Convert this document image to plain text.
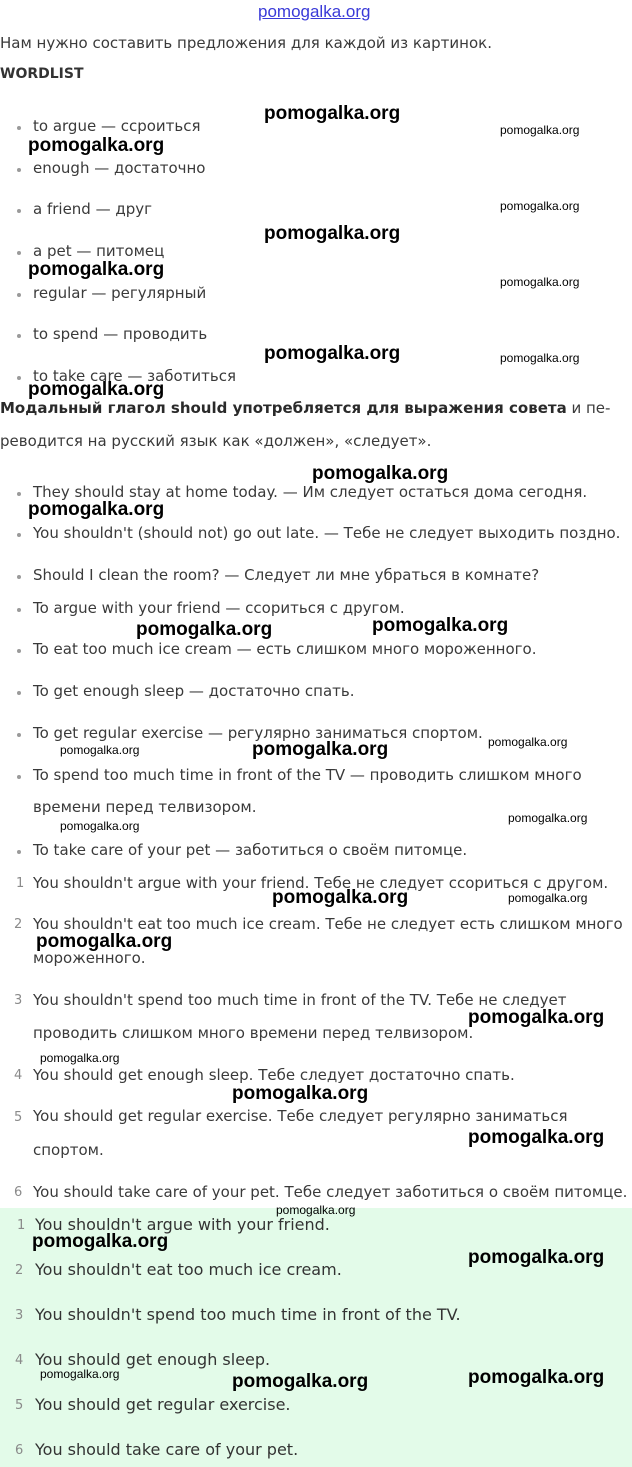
pomogalka.org
Нам нужно составить предложения для каждой из картинок.
WORDLIST
to argue — ссроиться
enough — достаточно
a friend — друг
a pet — питомец
regular — регулярный
to spend — проводить
to take care — заботиться
Модальный глагол should употребляется для выражения совета и пе-
реводится на русский язык как «должен», «следует».
They should stay at home today. — Им следует остаться дома сегодня.
You shouldn't (should not) go out late. — Тебе не следует выходить поздно.
Should I clean the room? — Следует ли мне убраться в комнате?
To argue with your friend — ссориться с другом.
To eat too much ice cream — есть слишком много мороженного.
To get enough sleep — достаточно спать.
To get regular exercise — регулярно заниматься спортом.
To spend too much time in front of the TV — проводить слишком много
времени перед телвизором.
To take care of your pet — заботиться о своём питомце.
1 You shouldn't argue with your friend. Тебе не следует ссориться с другом.
2 You shouldn't eat too much ice cream. Тебе не следует есть слишком много
мороженного.
3 You shouldn't spend too much time in front of the TV. Тебе не следует
проводить слишком много времени перед телвизором.
4 You should get enough sleep. Тебе следует достаточно спать.
5 You should get regular exercise. Тебе следует регулярно заниматься
спортом.
6 You should take care of your pet. Тебе следует заботиться о своём питомце.
1 You shouldn't argue with your friend.
2 You shouldn't eat too much ice cream.
3 You shouldn't spend too much time in front of the TV.
4 You should get enough sleep.
5 You should get regular exercise.
6 You should take care of your pet.
pomogalka.org
pomogalka.org
pomogalka.org
pomogalka.org
pomogalka.org
pomogalka.org
pomogalka.org
pomogalka.org	pomogalka.org
pomogalka.org
pomogalka.org
pomogalka.org
pomogalka.org
pomogalka.org
pomogalka.org
pomogalka.org	pomogalka.org
pomogalka.org
pomogalka.org
pomogalka.org	pomogalka.org
pomogalka.org
pomogalka.org
pomogalka.org
pomogalka.org
pomogalka.org
pomogalka.org
pomogalka.org
pomogalka.org
pomogalka.org	pomogalka.org
pomogalka.org
